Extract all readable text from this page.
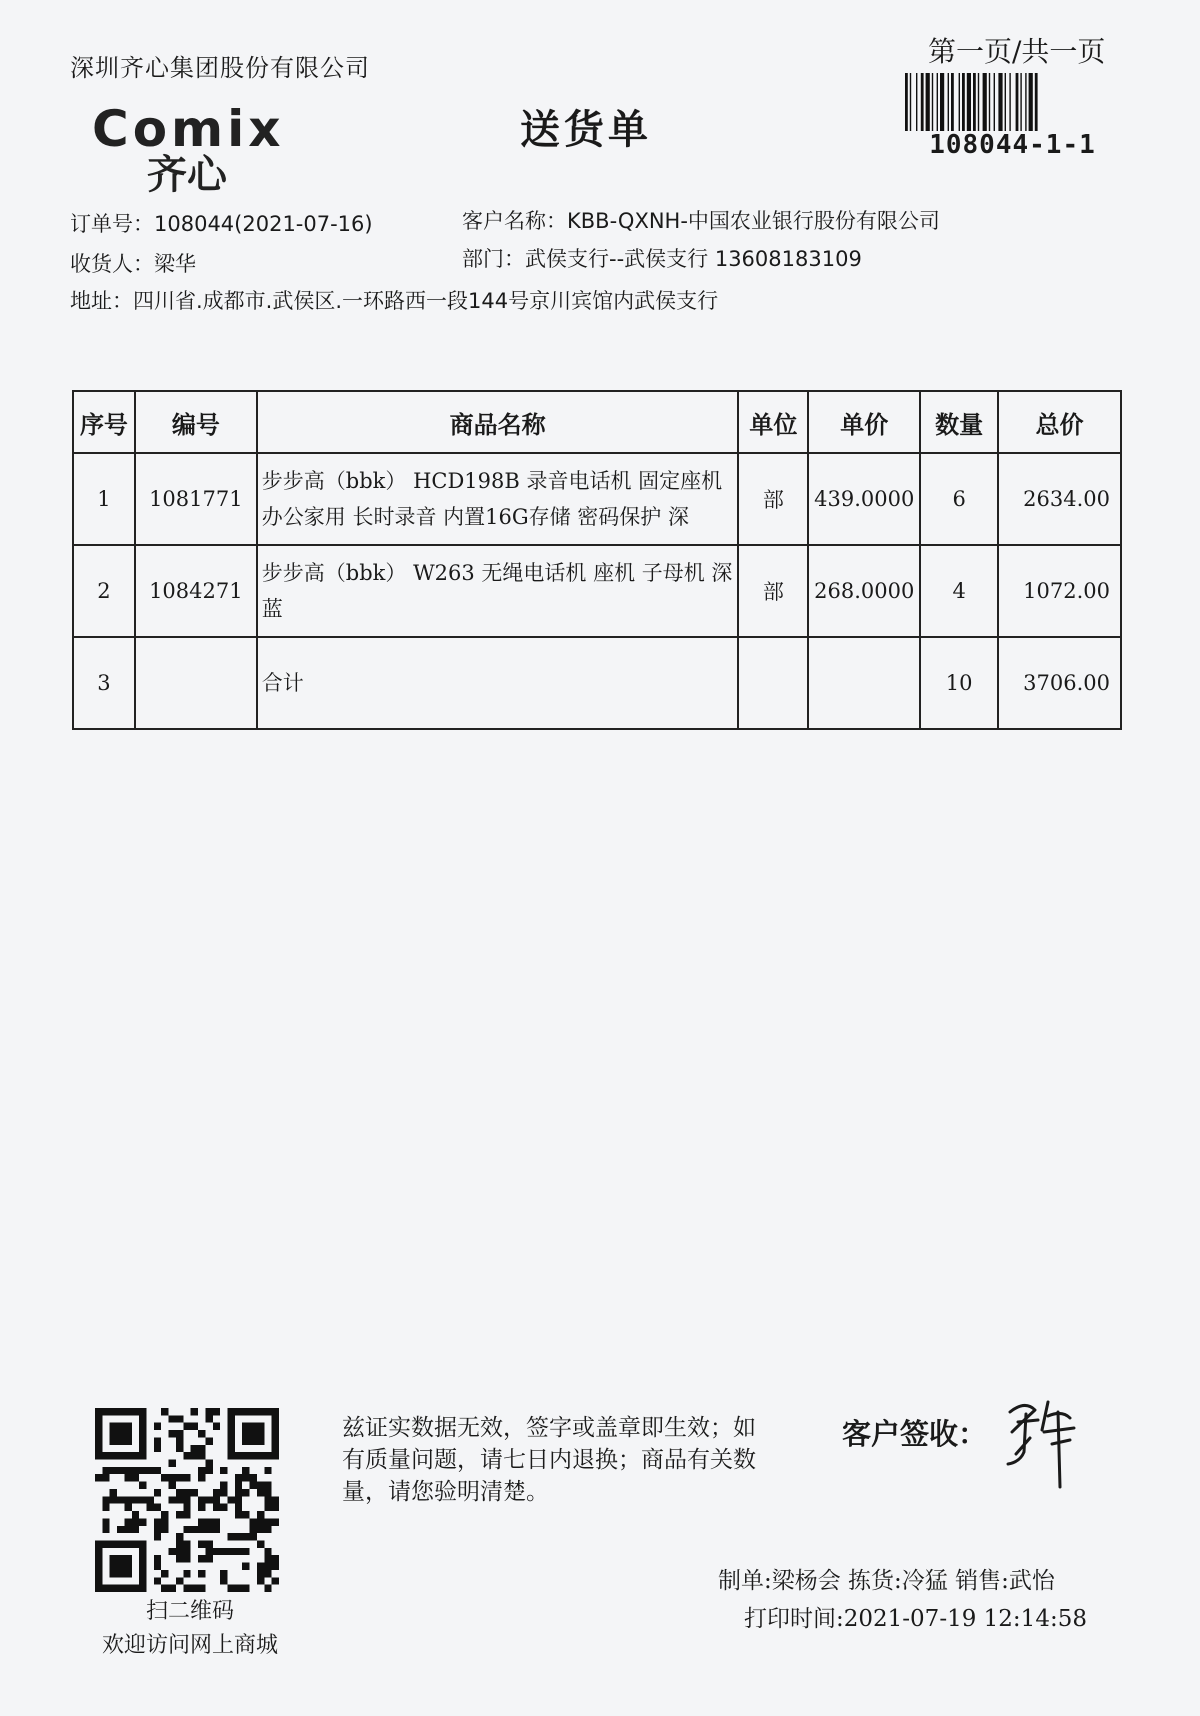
深圳齐心集团股份有限公司
Comix
齐心
送货单
第一页/共一页
108044-1-1
订单号：108044(2021-07-16)	客户名称：KBB-QXNH-中国农业银行股份有限公司
收货人：梁华	部门：武侯支行--武侯支行 13608183109
地址：四川省.成都市.武侯区.一环路西一段144号京川宾馆内武侯支行
序号	编号	商品名称	单位	单价	数量	总价
1	1081771	步步高（bbk） HCD198B 录音电话机 固定座机 办公家用 长时录音 内置16G存储 密码保护 深	部	439.0000	6	2634.00
2	1084271	步步高（bbk） W263 无绳电话机 座机 子母机 深蓝	部	268.0000	4	1072.00
3		合计			10	3706.00
扫二维码
欢迎访问网上商城
兹证实数据无效，签字或盖章即生效；如有质量问题，请七日内退换；商品有关数量，请您验明清楚。
客户签收：
制单:梁杨会 拣货:冷猛 销售:武怡
打印时间:2021-07-19 12:14:58
